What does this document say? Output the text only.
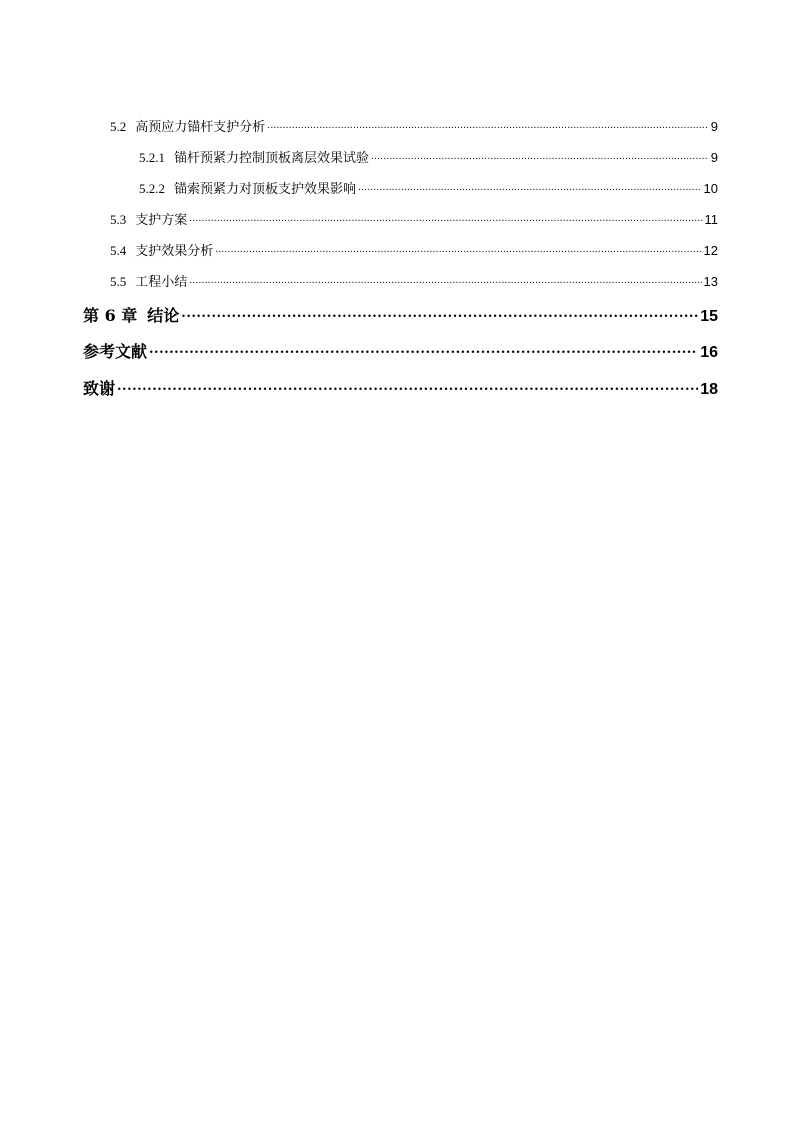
5.2 高预应力锚杆支护分析 .....	9
5.2.1 锚杆预紧力控制顶板离层效果试验 .....	9
5.2.2 锚索预紧力对顶板支护效果影响 .....	10
5.3 支护方案 .....	11
5.4 支护效果分析 .....	12
5.5 工程小结 .....	13
第 6 章 结论 .....	15
参考文献 .....	16
致谢 .....	18
